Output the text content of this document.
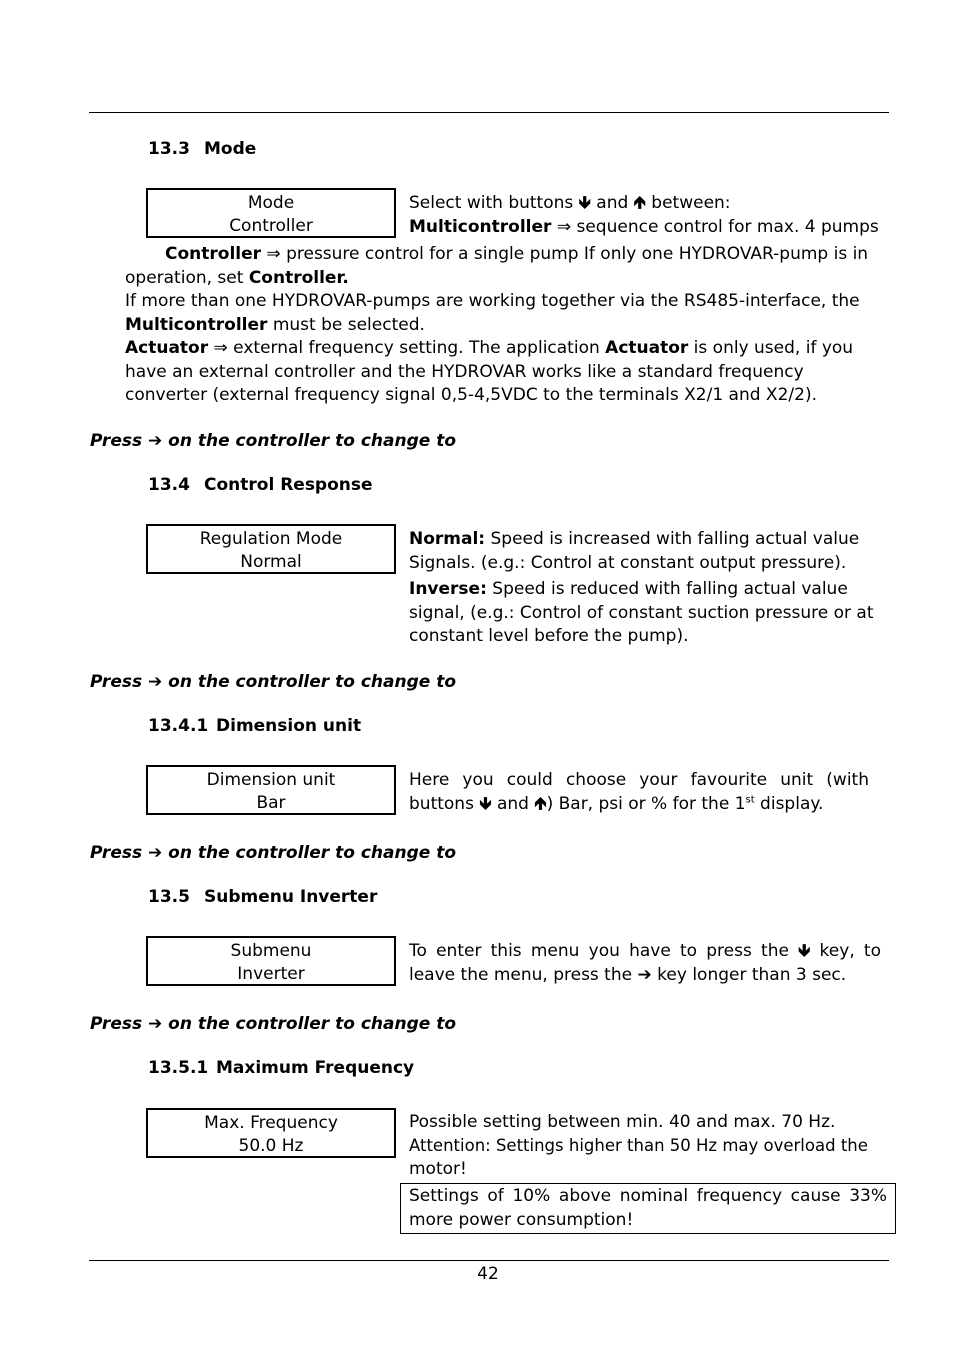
13.3 Mode
Mode
Controller
Select with buttons 🡻 and 🡹 between:
Multicontroller ⇒ sequence control for max. 4 pumps
Controller ⇒ pressure control for a single pump If only one HYDROVAR-pump is in operation, set Controller.
If more than one HYDROVAR-pumps are working together via the RS485-interface, the Multicontroller must be selected.
Actuator ⇒ external frequency setting. The application Actuator is only used, if you have an external controller and the HYDROVAR works like a standard frequency converter (external frequency signal 0,5-4,5VDC to the terminals X2/1 and X2/2).
Press ➔ on the controller to change to
13.4 Control Response
Regulation Mode
Normal
Normal: Speed is increased with falling actual value Signals. (e.g.: Control at constant output pressure).
Inverse: Speed is reduced with falling actual value signal, (e.g.: Control of constant suction pressure or at constant level before the pump).
Press ➔ on the controller to change to
13.4.1 Dimension unit
Dimension unit
Bar
Here you could choose your favourite unit (with
buttons 🡻 and 🡹) Bar, psi or % for the 1st display.
Press ➔ on the controller to change to
13.5 Submenu Inverter
Submenu
Inverter
To enter this menu you have to press the 🡻 key, to
leave the menu, press the ➔ key longer than 3 sec.
Press ➔ on the controller to change to
13.5.1 Maximum Frequency
Max. Frequency
50.0 Hz
Possible setting between min. 40 and max. 70 Hz.
Attention: Settings higher than 50 Hz may overload the
motor!
Settings of 10% above nominal frequency cause 33%
more power consumption!
42
